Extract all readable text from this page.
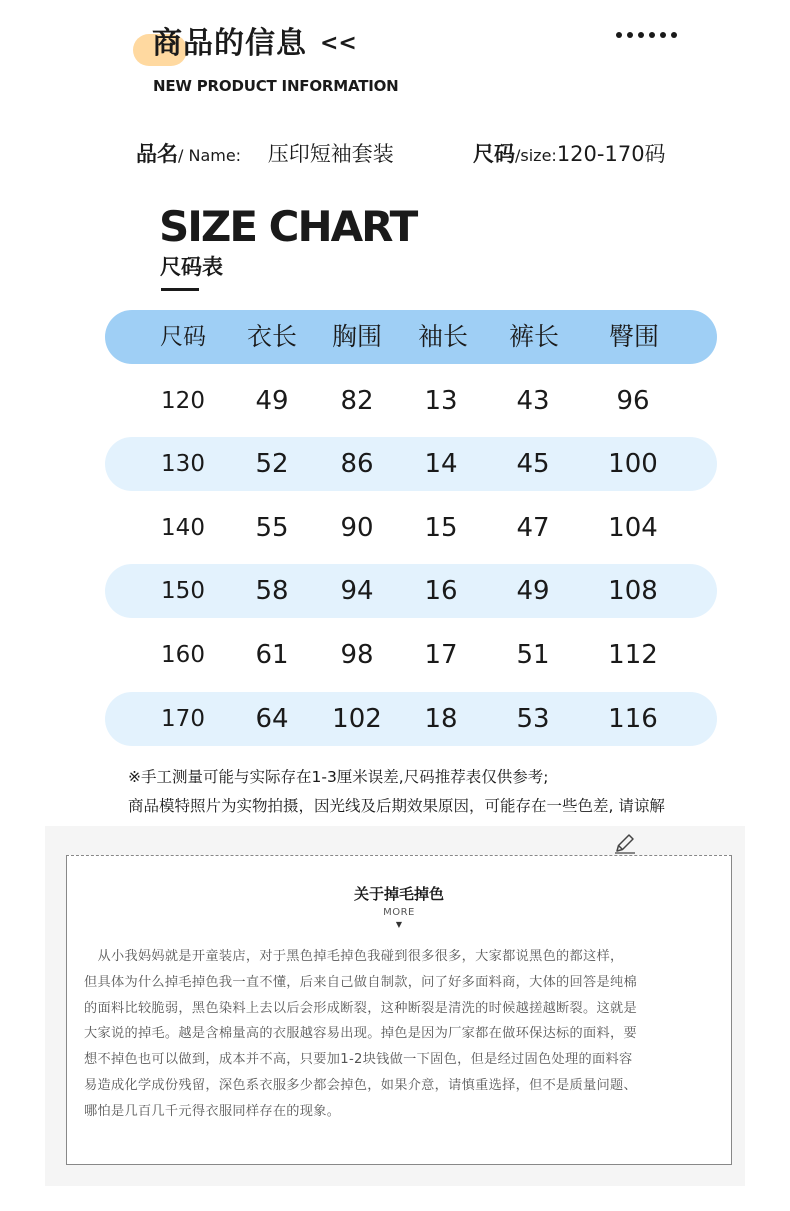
商品的信息 <<
NEW PRODUCT INFORMATION
品名/ Name: 压印短袖套装	尺码/size:120-170码
SIZE CHART
尺码表
尺码	衣长	胸围	袖长	裤长	臀围
120	49	82	13	43	96
130	52	86	14	45	100
140	55	90	15	47	104
150	58	94	16	49	108
160	61	98	17	51	112
170	64	102	18	53	116
※手工测量可能与实际存在1-3厘米误差,尺码推荐表仅供参考;
商品模特照片为实物拍摄，因光线及后期效果原因，可能存在一些色差, 请谅解
关于掉毛掉色
MORE
▼
　从小我妈妈就是开童装店，对于黑色掉毛掉色我碰到很多很多，大家都说黑色的都这样，
但具体为什么掉毛掉色我一直不懂，后来自己做自制款，问了好多面料商，大体的回答是纯棉
的面料比较脆弱，黑色染料上去以后会形成断裂，这种断裂是清洗的时候越搓越断裂。这就是
大家说的掉毛。越是含棉量高的衣服越容易出现。掉色是因为厂家都在做环保达标的面料，要
想不掉色也可以做到，成本并不高，只要加1-2块钱做一下固色，但是经过固色处理的面料容
易造成化学成份残留，深色系衣服多少都会掉色，如果介意，请慎重选择，但不是质量问题、
哪怕是几百几千元得衣服同样存在的现象。
